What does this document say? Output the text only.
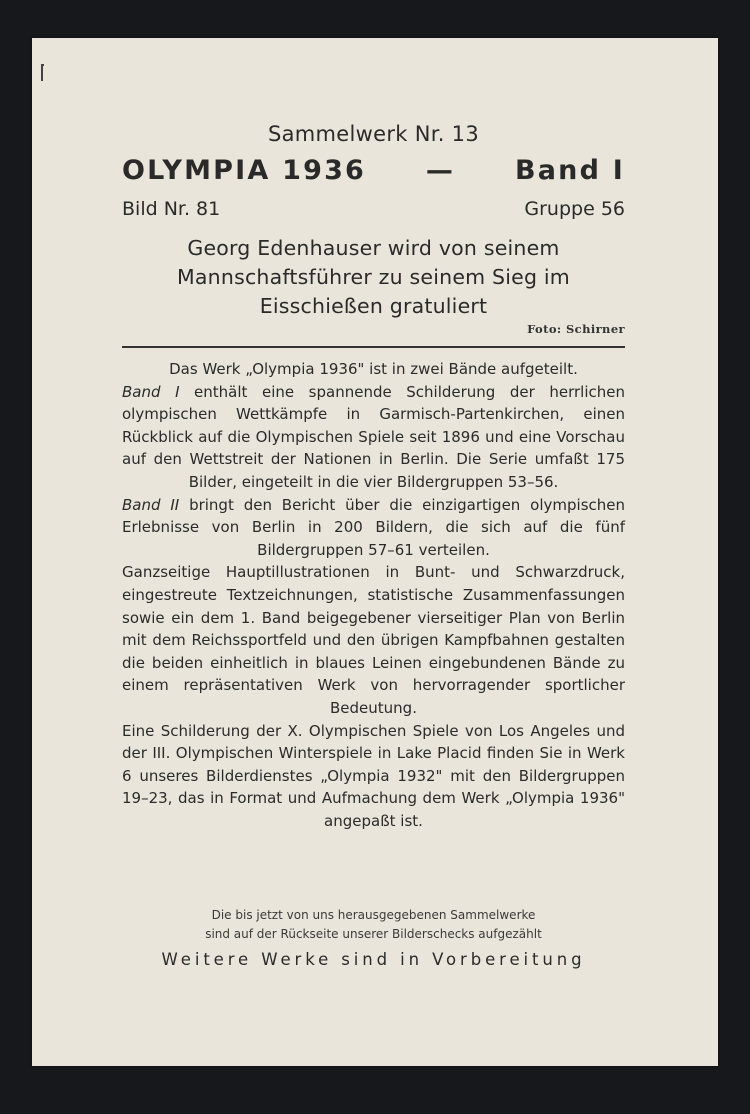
Sammelwerk Nr. 13
OLYMPIA 1936 — Band I
Bild Nr. 81	Gruppe 56
Georg Edenhauser wird von seinem Mannschaftsführer zu seinem Sieg im Eisschießen gratuliert
Foto: Schirner

Das Werk „Olympia 1936" ist in zwei Bände aufgeteilt.

Band I enthält eine spannende Schilderung der herrlichen olympischen Wettkämpfe in Garmisch-Partenkirchen, einen Rückblick auf die Olympischen Spiele seit 1896 und eine Vorschau auf den Wettstreit der Nationen in Berlin. Die Serie umfaßt 175 Bilder, eingeteilt in die vier Bildergruppen 53–56.

Band II bringt den Bericht über die einzigartigen olympischen Erlebnisse von Berlin in 200 Bildern, die sich auf die fünf Bildergruppen 57–61 verteilen.

Ganzseitige Hauptillustrationen in Bunt- und Schwarzdruck, eingestreute Textzeichnungen, statistische Zusammenfassungen sowie ein dem 1. Band beigegebener vierseitiger Plan von Berlin mit dem Reichssportfeld und den übrigen Kampfbahnen gestalten die beiden einheitlich in blaues Leinen eingebundenen Bände zu einem repräsentativen Werk von hervorragender sportlicher Bedeutung.

Eine Schilderung der X. Olympischen Spiele von Los Angeles und der III. Olympischen Winterspiele in Lake Placid finden Sie in Werk 6 unseres Bilderdienstes „Olympia 1932" mit den Bildergruppen 19–23, das in Format und Aufmachung dem Werk „Olympia 1936" angepaßt ist.

Die bis jetzt von uns herausgegebenen Sammelwerke
sind auf der Rückseite unserer Bilderschecks aufgezählt
Weitere Werke sind in Vorbereitung
